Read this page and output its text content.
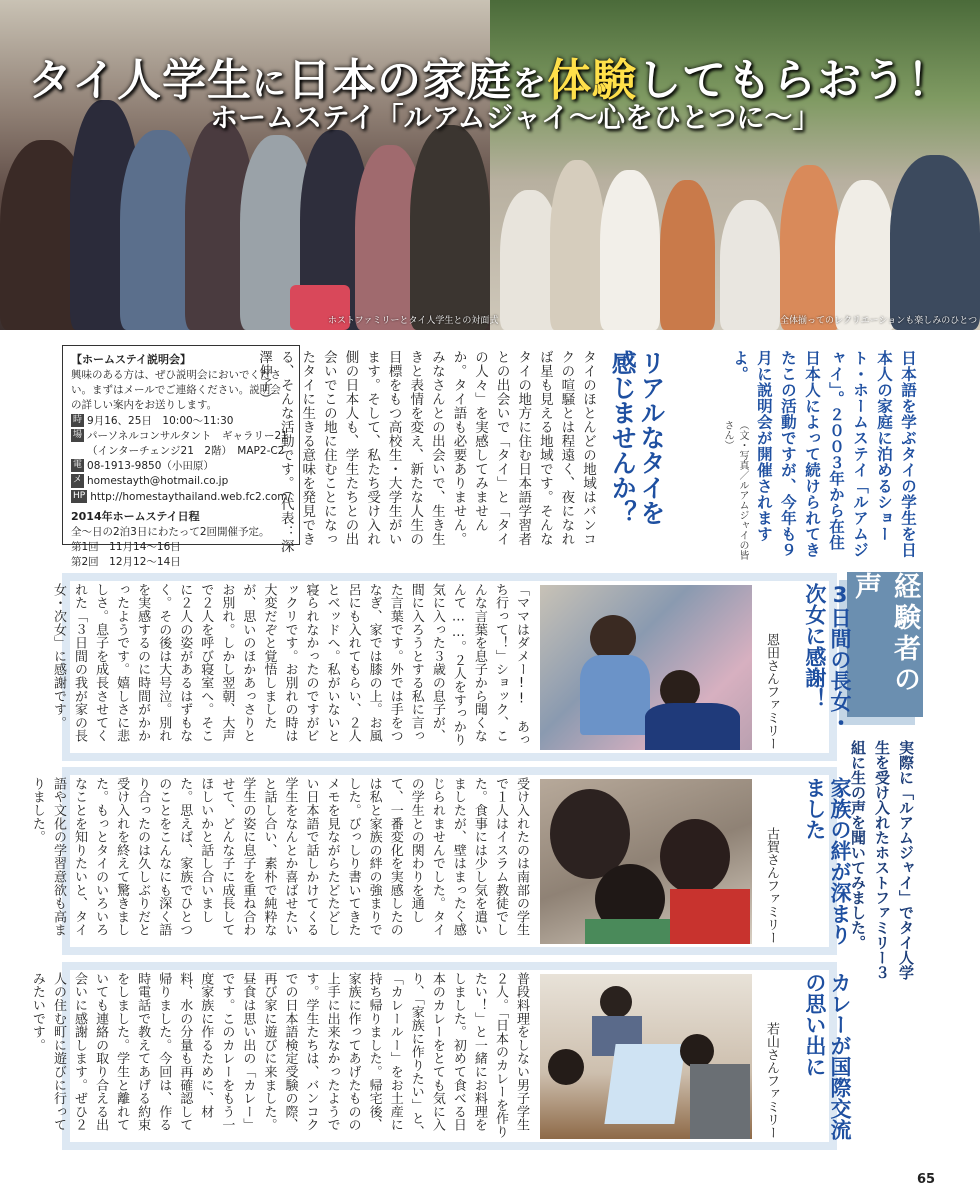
タイ人学生に日本の家庭を体験してもらおう！
ホームステイ「ルアムジャイ〜心をひとつに〜」
ホストファミリーとタイ人学生との対面式	全体揃ってのレクリエーションも楽しみのひとつ
日本語を学ぶタイの学生を日本人の家庭に泊めるショート・ホームステイ「ルアムジャイ」。２００３年から在住日本人によって続けられてきたこの活動ですが、今年も９月に説明会が開催されますよ。
（文・写真／ルアムジャイの皆さん）
リアルなタイを感じませんか？
タイのほとんどの地域はバンコクの喧騒とは程遠く、夜になれば星も見える地域です。そんなタイの地方に住む日本語学習者との出会いで「タイ」と「タイの人々」を実感してみませんか。タイ語も必要ありません。みなさんとの出会いで、生き生きと表情を変え、新たな人生の目標をもつ高校生・大学生がいます。そして、私たち受け入れ側の日本人も、学生たちとの出会いでこの地に住むことになったタイに生きる意味を発見できる、そんな活動です。（代表：深澤伸子）
【ホームステイ説明会】
興味のある方は、ぜひ説明会においでください。まずはメールでご連絡ください。説明会の詳しい案内をお送りします。
時 9月16、25日　10:00〜11:30
場 パーソネルコンサルタント　ギャラリー21（インターチェンジ21　2階）　MAP2-C2
電 08-1913-9850（小田原）
メ homestayth@hotmail.co.jp
HP http://homestaythailand.web.fc2.com/
2014年ホームステイ日程
全〜日の2泊3日にわたって2回開催予定。
第1回　11月14〜16日
第2回　12月12〜14日
経験者の声
実際に「ルアムジャイ」でタイ人学生を受け入れたホストファミリー３組に生の声を聞いてみました。
3日間の長女・次女に感謝！
恩田さんファミリー
「ママはダメー!!　あっち行って！」ショック、こんな言葉を息子から聞くなんて……。２人をすっかり気に入った３歳の息子が、間に入ろうとする私に言った言葉です。外では手をつなぎ、家では膝の上。お風呂にも入れてもらい、２人とベッドへ。私がいないと寝られなかったのですがビックリです。お別れの時は大変だぞと覚悟しましたが、思いのほかあっさりとお別れ。しかし翌朝、大声で２人を呼び寝室へ。そこに２人の姿があるはずもなく。その後は大号泣。別れを実感するのに時間がかかったようです。嬉しさに悲しさ。息子を成長させてくれた「３日間の我が家の長女・次女」に感謝です。
家族の絆が深まりました
古賀さんファミリー
受け入れたのは南部の学生で１人はイスラム教徒でした。食事には少し気を遣いましたが、壁はまったく感じられませんでした。タイの学生との関わりを通して、一番変化を実感したのは私と家族の絆の強まりでした。びっしり書いてきたメモを見ながらたどたどしい日本語で話しかけてくる学生をなんとか喜ばせたいと話し合い、素朴で純粋な学生の姿に息子を重ね合わせて、どんな子に成長してほしいかと話し合いました。思えば、家族でひとつのことをこんなにも深く語り合ったのは久しぶりだと受け入れを終えて驚きました。もっとタイのいろいろなことを知りたいと、タイ語や文化の学習意欲も高まりました。
カレーが国際交流の思い出に
若山さんファミリー
普段料理をしない男子学生２人。「日本のカレーを作りたい！」と一緒にお料理をしました。初めて食べる日本のカレーをとても気に入り、「家族に作りたい」と、「カレールー」をお土産に持ち帰りました。帰宅後、家族に作ってあげたものの上手に出来なかったようです。学生たちは、バンコクでの日本語検定受験の際、再び家に遊びに来ました。昼食は思い出の「カレー」です。このカレーをもう一度家族に作るために、材料、水の分量も再確認して帰りました。今回は、作る時電話で教えてあげる約束をしました。学生と離れていても連絡の取り合える出会いに感謝します。ぜひ２人の住む町に遊びに行ってみたいです。
65
